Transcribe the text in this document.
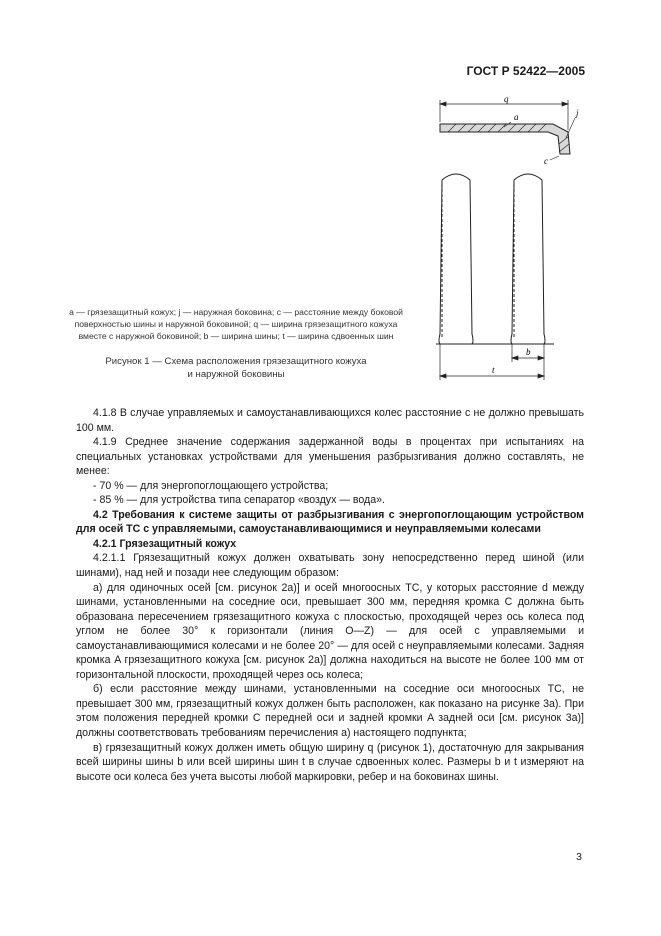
ГОСТ Р 52422—2005
q
a	j
c
b
t
a — грязезащитный кожух; j — наружная боковина; c — расстояние между боковой поверхностью шины и наружной боковиной; q — ширина грязезащитного кожуха вместе с наружной боковиной; b — ширина шины; t — ширина сдвоенных шин
Рисунок 1 — Схема расположения грязезащитного кожуха
и наружной боковины

4.1.8 В случае управляемых и самоустанавливающихся колес расстояние c не должно превышать 100 мм.

4.1.9 Среднее значение содержания задержанной воды в процентах при испытаниях на специальных установках устройствами для уменьшения разбрызгивания должно составлять, не менее:

- 70 % — для энергопоглощающего устройства;

- 85 % — для устройства типа сепаратор «воздух — вода».

4.2 Требования к системе защиты от разбрызгивания с энергопоглощающим устройством для осей ТС с управляемыми, самоустанавливающимися и неуправляемыми колесами

4.2.1 Грязезащитный кожух

4.2.1.1 Грязезащитный кожух должен охватывать зону непосредственно перед шиной (или шинами), над ней и позади нее следующим образом:

а) для одиночных осей [см. рисунок 2а)] и осей многоосных ТС, у которых расстояние d между шинами, установленными на соседние оси, превышает 300 мм, передняя кромка C должна быть образована пересечением грязезащитного кожуха с плоскостью, проходящей через ось колеса под углом не более 30° к горизонтали (линия O—Z) — для осей с управляемыми и самоустанавливающимися колесами и не более 20° — для осей с неуправляемыми колесами. Задняя кромка A грязезащитного кожуха [см. рисунок 2а)] должна находиться на высоте не более 100 мм от горизонтальной плоскости, проходящей через ось колеса;

б) если расстояние между шинами, установленными на соседние оси многоосных ТС, не превышает 300 мм, грязезащитный кожух должен быть расположен, как показано на рисунке 3а). При этом положения передней кромки C передней оси и задней кромки A задней оси [см. рисунок 3а)] должны соответствовать требованиям перечисления а) настоящего подпункта;

в) грязезащитный кожух должен иметь общую ширину q (рисунок 1), достаточную для закрывания всей ширины шины b или всей ширины шин t в случае сдвоенных колес. Размеры b и t измеряют на высоте оси колеса без учета высоты любой маркировки, ребер и на боковинах шины.

3
